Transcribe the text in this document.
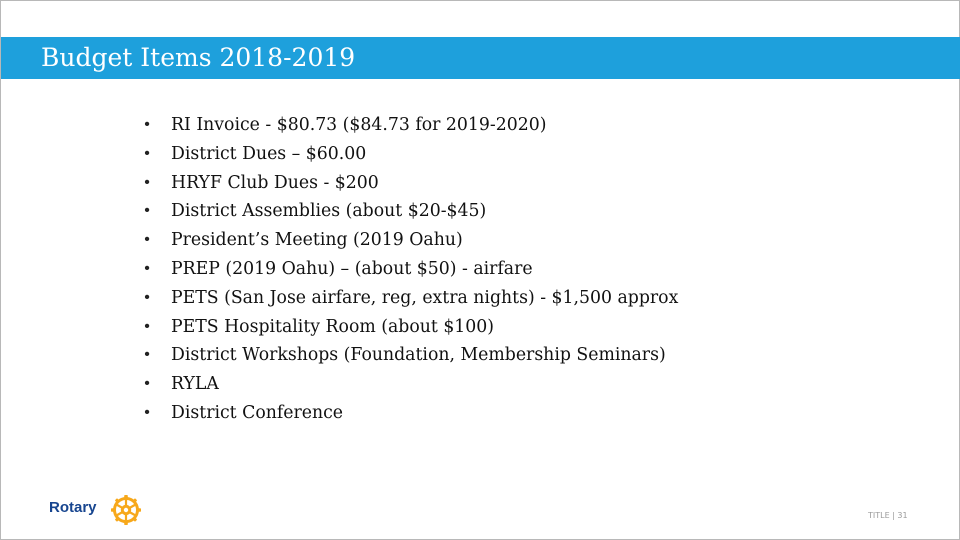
Budget Items 2018-2019
• RI Invoice - $80.73 ($84.73 for 2019-2020)
• District Dues – $60.00
• HRYF Club Dues - $200
• District Assemblies (about $20-$45)
• President’s Meeting (2019 Oahu)
• PREP (2019 Oahu) – (about $50) - airfare
• PETS (San Jose airfare, reg, extra nights) - $1,500 approx
• PETS Hospitality Room (about $100)
• District Workshops (Foundation, Membership Seminars)
• RYLA
• District Conference
Rotary	TITLE | 31
